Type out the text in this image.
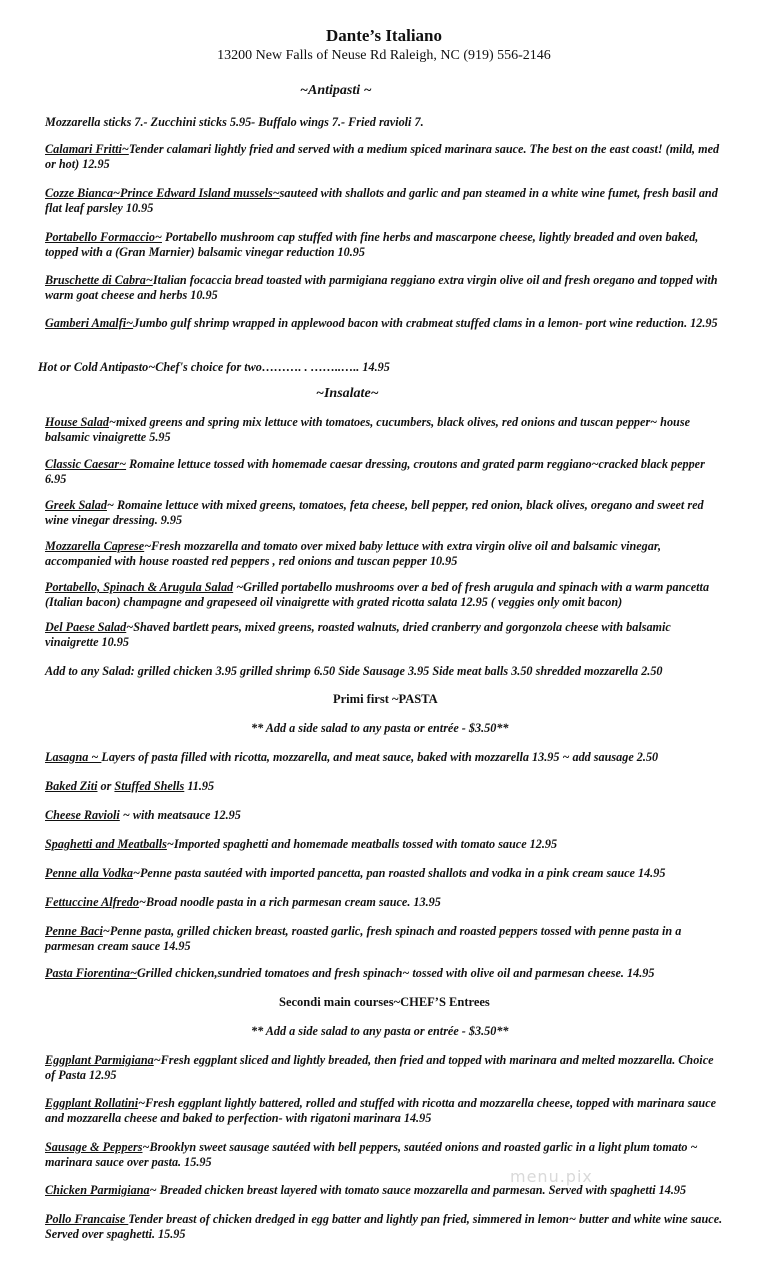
Dante’s Italiano
13200 New Falls of Neuse Rd Raleigh, NC (919) 556-2146
~Antipasti ~
Mozzarella sticks 7.- Zucchini sticks 5.95- Buffalo wings 7.- Fried ravioli 7.
Calamari Fritti~Tender calamari lightly fried and served with a medium spiced marinara sauce. The best on the east coast! (mild, med or hot) 12.95
Cozze Bianca~Prince Edward Island mussels~sauteed with shallots and garlic and pan steamed in a white wine fumet, fresh basil and flat leaf parsley 10.95
Portabello Formaccio~ Portabello mushroom cap stuffed with fine herbs and mascarpone cheese, lightly breaded and oven baked, topped with a (Gran Marnier) balsamic vinegar reduction 10.95
Bruschette di Cabra~Italian focaccia bread toasted with parmigiana reggiano extra virgin olive oil and fresh oregano and topped with warm goat cheese and herbs 10.95
Gamberi Amalfi~Jumbo gulf shrimp wrapped in applewood bacon with crabmeat stuffed clams in a lemon- port wine reduction. 12.95
Hot or Cold Antipasto~Chef's choice for two………. . ……..….. 14.95
~Insalate~
House Salad~mixed greens and spring mix lettuce with tomatoes, cucumbers, black olives, red onions and tuscan pepper~ house balsamic vinaigrette 5.95
Classic Caesar~ Romaine lettuce tossed with homemade caesar dressing, croutons and grated parm reggiano~cracked black pepper 6.95
Greek Salad~ Romaine lettuce with mixed greens, tomatoes, feta cheese, bell pepper, red onion, black olives, oregano and sweet red wine vinegar dressing. 9.95
Mozzarella Caprese~Fresh mozzarella and tomato over mixed baby lettuce with extra virgin olive oil and balsamic vinegar, accompanied with house roasted red peppers , red onions and tuscan pepper 10.95
Portabello, Spinach & Arugula Salad ~Grilled portabello mushrooms over a bed of fresh arugula and spinach with a warm pancetta (Italian bacon) champagne and grapeseed oil vinaigrette with grated ricotta salata 12.95 ( veggies only omit bacon)
Del Paese Salad~Shaved bartlett pears, mixed greens, roasted walnuts, dried cranberry and gorgonzola cheese with balsamic vinaigrette 10.95
Add to any Salad: grilled chicken 3.95 grilled shrimp 6.50 Side Sausage 3.95 Side meat balls 3.50 shredded mozzarella 2.50
Primi first ~PASTA
** Add a side salad to any pasta or entrée - $3.50**
Lasagna ~ Layers of pasta filled with ricotta, mozzarella, and meat sauce, baked with mozzarella 13.95 ~ add sausage 2.50
Baked Ziti or Stuffed Shells 11.95
Cheese Ravioli ~ with meatsauce 12.95
Spaghetti and Meatballs~Imported spaghetti and homemade meatballs tossed with tomato sauce 12.95
Penne alla Vodka~Penne pasta sautéed with imported pancetta, pan roasted shallots and vodka in a pink cream sauce 14.95
Fettuccine Alfredo~Broad noodle pasta in a rich parmesan cream sauce. 13.95
Penne Baci~Penne pasta, grilled chicken breast, roasted garlic, fresh spinach and roasted peppers tossed with penne pasta in a parmesan cream sauce 14.95
Pasta Fiorentina~Grilled chicken,sundried tomatoes and fresh spinach~ tossed with olive oil and parmesan cheese. 14.95
Secondi main courses~CHEF’S Entrees
** Add a side salad to any pasta or entrée - $3.50**
Eggplant Parmigiana~Fresh eggplant sliced and lightly breaded, then fried and topped with marinara and melted mozzarella. Choice of Pasta 12.95
Eggplant Rollatini~Fresh eggplant lightly battered, rolled and stuffed with ricotta and mozzarella cheese, topped with marinara sauce and mozzarella cheese and baked to perfection- with rigatoni marinara 14.95
Sausage & Peppers~Brooklyn sweet sausage sautéed with bell peppers, sautéed onions and roasted garlic in a light plum tomato ~ marinara sauce over pasta. 15.95
Chicken Parmigiana~ Breaded chicken breast layered with tomato sauce mozzarella and parmesan. Served with spaghetti 14.95
Pollo Francaise Tender breast of chicken dredged in egg batter and lightly pan fried, simmered in lemon~ butter and white wine sauce. Served over spaghetti. 15.95
menu.pix
